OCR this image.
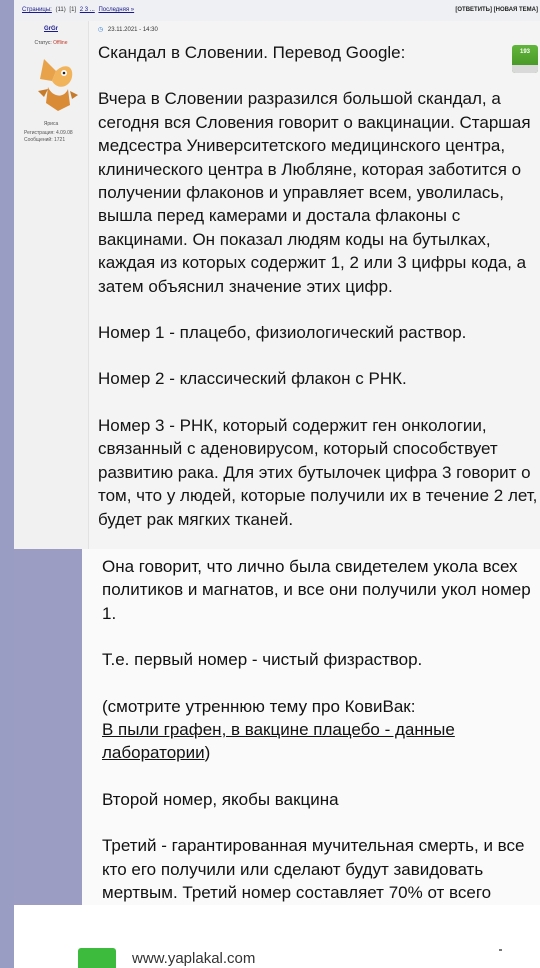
Страницы: (11) [1] 2 3 ... Последняя »	[ОТВЕТИТЬ] [НОВАЯ ТЕМА]
GrGr
Статус: Offline
Яриса
Регистрация: 4.09.08
Сообщений: 1721
◷ 23.11.2021 - 14:30
193

Скандал в Словении. Перевод Google:

Вчера в Словении разразился большой скандал, а сегодня вся Словения говорит о вакцинации. Старшая медсестра Университетского медицинского центра, клинического центра в Любляне, которая заботится о получении флаконов и управляет всем, уволилась, вышла перед камерами и достала флаконы с вакцинами. Он показал людям коды на бутылках, каждая из которых содержит 1, 2 или 3 цифры кода, а затем объяснил значение этих цифр.

Номер 1 - плацебо, физиологический раствор.

Номер 2 - классический флакон с РНК.

Номер 3 - РНК, который содержит ген онкологии, связанный с аденовирусом, который способствует развитию рака. Для этих бутылочек цифра 3 говорит о том, что у людей, которые получили их в течение 2 лет, будет рак мягких тканей.

Она говорит, что лично была свидетелем укола всех политиков и магнатов, и все они получили укол номер 1.

Т.е. первый номер - чистый физраствор.

(смотрите утреннюю тему про КовиВак:
В пыли графен, в вакцине плацебо - данные лаборатории)

Второй номер, якобы вакцина

Третий - гарантированная мучительная смерть, и все кто его получили или сделают будут завидовать мертвым. Третий номер составляет 70% от всего

www.yaplakal.com
